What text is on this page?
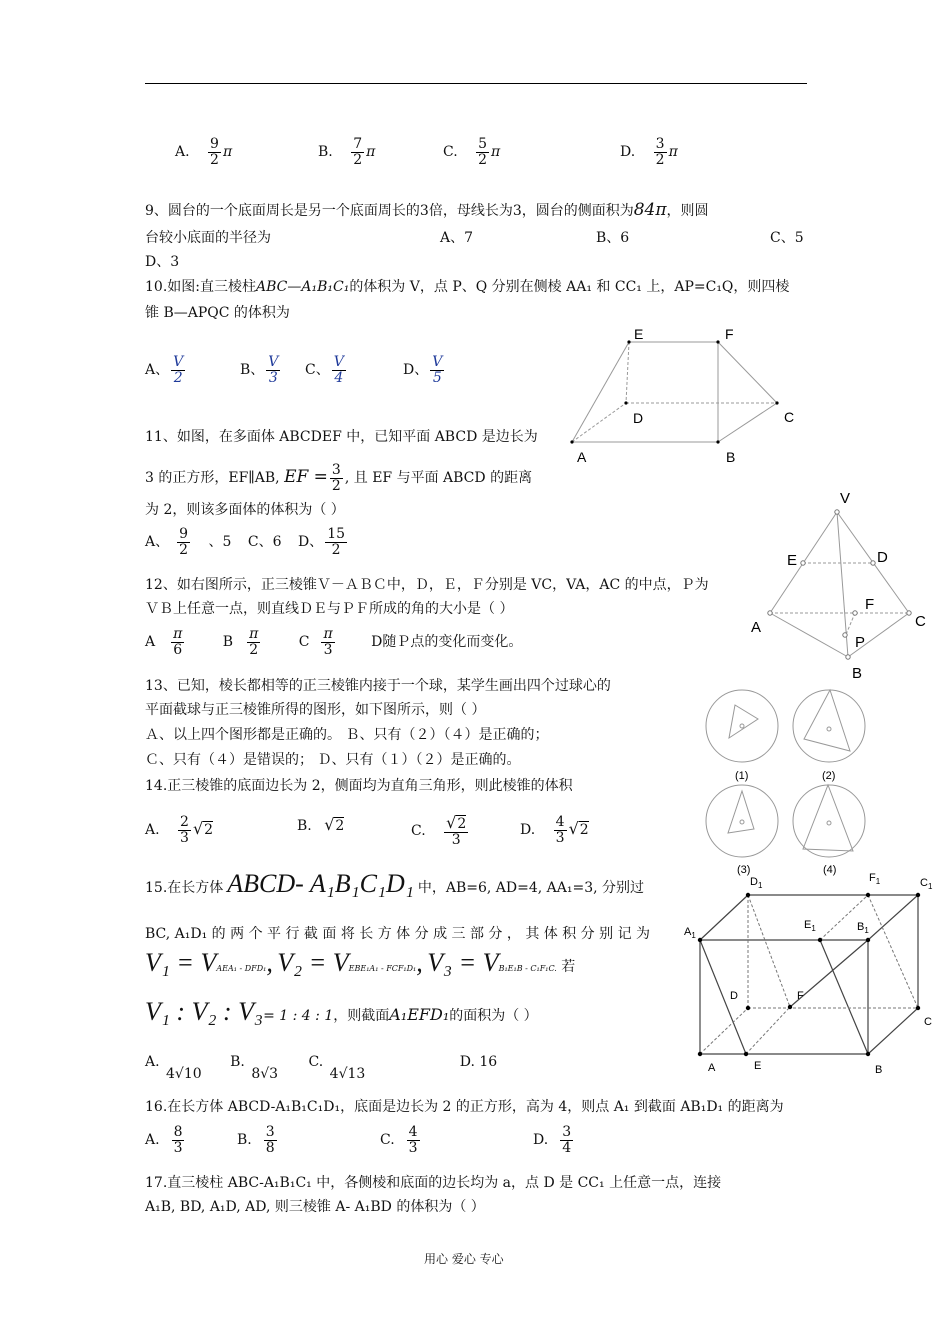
A. $\frac{9}{2}$ π	B. $\frac{7}{2}$ π	C. $\frac{5}{2}$ π	D. $\frac{3}{2}$ π
9、圆台的一个底面周长是另一个底面周长的3倍，母线长为3，圆台的侧面积为84π，则圆
台较小底面的半径为	A、7	B、6	C、5
D、3
10.如图:直三棱柱ABC—A₁B₁C₁的体积为 V，点 P、Q 分别在侧棱 AA₁ 和 CC₁ 上，AP=C₁Q，则四棱
锥 B—APQC 的体积为
A、 $\frac{V}{2}$	B、 $\frac{V}{3}$ C、 $\frac{V}{4}$	D、 $\frac{V}{5}$
E	F
D	C
A	B
11、如图，在多面体 ABCDEF 中，已知平面 ABCD 是边长为
3 的正方形，EF∥AB, EF = $\frac{3}{2}$ , 且 EF 与平面 ABCD 的距离
为 2，则该多面体的体积为（ ）
A、 $\frac{9}{2}$ 、5 C、6 D、 $\frac{15}{2}$
V
E	D
F
A	C
P
B
12、如右图所示，正三棱锥Ｖ－ＡＢＣ中，Ｄ，Ｅ，Ｆ分别是 VC，VA，AC 的中点，Ｐ为
ＶＢ上任意一点，则直线ＤＥ与ＰＦ所成的角的大小是（ ）
A $\frac{\pi}{6}$	B $\frac{\pi}{2}$	C $\frac{\pi}{3}$	D随Ｐ点的变化而变化。
13、已知，棱长都相等的正三棱锥内接于一个球，某学生画出四个过球心的
平面截球与正三棱锥所得的图形，如下图所示，则（ ）
Ａ、以上四个图形都是正确的。 Ｂ、只有（２）（４）是正确的；
Ｃ、只有（４）是错误的； Ｄ、只有（１）（２）是正确的。
(1)	(2)
(3)	(4)
14.正三棱锥的底面边长为 2，侧面均为直角三角形，则此棱锥的体积
A. $\frac{2}{3} √2$	B. √2	C. $\frac{√2}{3}$	D. $\frac{4}{3} √2$
$D_1$
$F_1$	$C_1$
$A_1$
$E_1$	$B_1$
D	F
C
A	E	B
15.在长方体 ABCD- A₁B₁C₁D₁ 中，AB=6, AD=4, AA₁=3, 分别过
BC, A₁D₁ 的 两 个 平 行 截 面 将 长 方 体 分 成 三 部 分 ， 其 体 积 分 别 记 为
V₁ = VAEA₁ - DFD₁, V₂ = VEBE₁A₁ - FCF₁D₁, V₃ = VB₁E₁B - C₁F₁C. 若
V₁ : V₂ : V₃= 1 : 4 : 1，则截面A₁EFD₁的面积为（ ）
A. 4√10 B. 8√3 C. 4√13 D. 16
16.在长方体 ABCD-A₁B₁C₁D₁，底面是边长为 2 的正方形，高为 4，则点 A₁ 到截面 AB₁D₁ 的距离为
A. $\frac{8}{3}$	B. $\frac{3}{8}$	C. $\frac{4}{3}$	D. $\frac{3}{4}$
17.直三棱柱 ABC-A₁B₁C₁ 中，各侧棱和底面的边长均为 a，点 D 是 CC₁ 上任意一点，连接
A₁B, BD, A₁D, AD, 则三棱锥 A- A₁BD 的体积为（ ）
用心 爱心 专心
